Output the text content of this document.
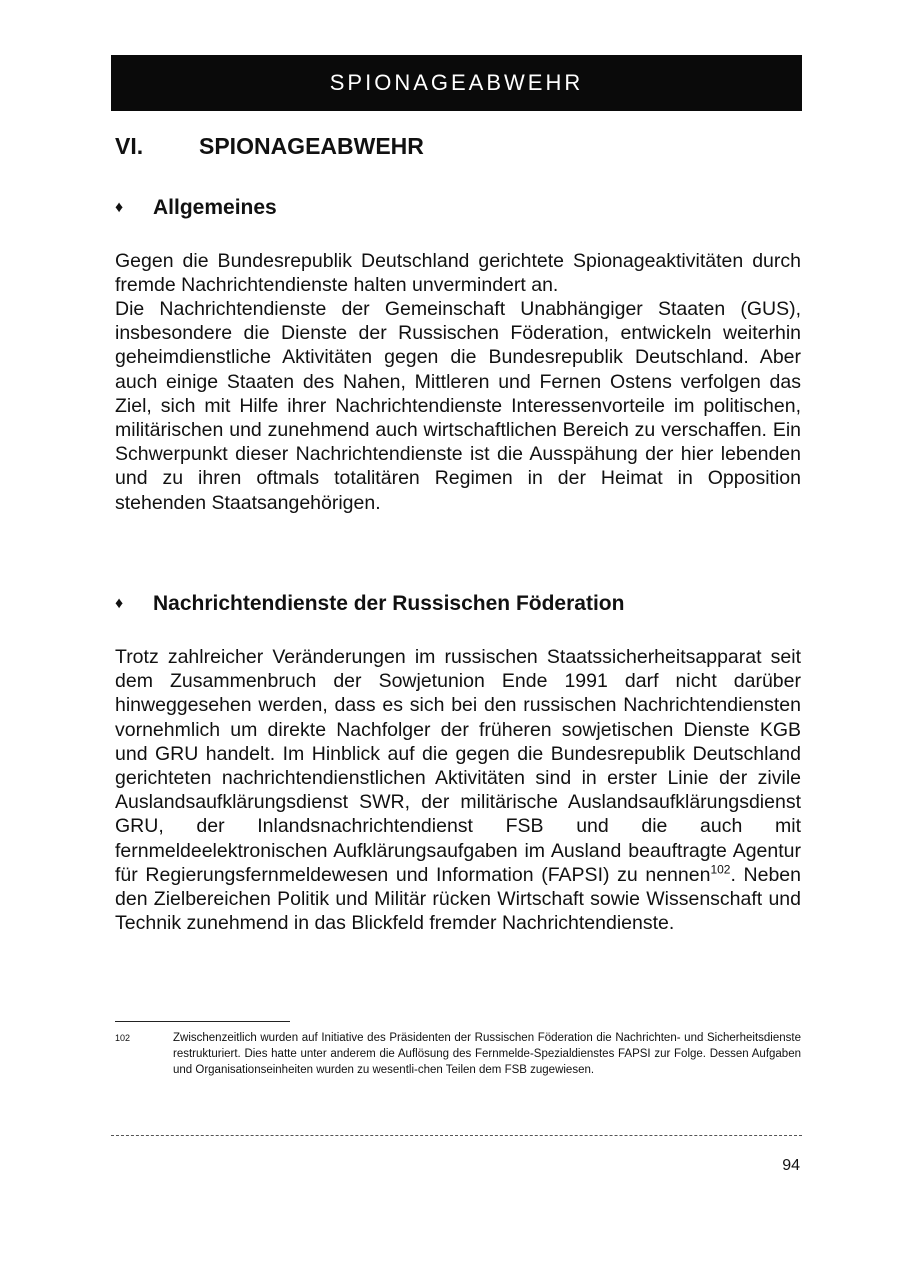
SPIONAGEABWEHR
VI.	SPIONAGEABWEHR
♦	Allgemeines
Gegen die Bundesrepublik Deutschland gerichtete Spionageaktivitäten durch fremde Nachrichtendienste halten unvermindert an.
Die Nachrichtendienste der Gemeinschaft Unabhängiger Staaten (GUS), insbesondere die Dienste der Russischen Föderation, entwickeln weiterhin geheimdienstliche Aktivitäten gegen die Bundesrepublik Deutschland. Aber auch einige Staaten des Nahen, Mittleren und Fernen Ostens verfolgen das Ziel, sich mit Hilfe ihrer Nachrichtendienste Interessenvorteile im politischen, militärischen und zunehmend auch wirtschaftlichen Bereich zu verschaffen. Ein Schwerpunkt dieser Nachrichtendienste ist die Ausspähung der hier lebenden und zu ihren oftmals totalitären Regimen in der Heimat in Opposition stehenden Staatsangehörigen.
♦	Nachrichtendienste der Russischen Föderation
Trotz zahlreicher Veränderungen im russischen Staatssicherheitsapparat seit dem Zusammenbruch der Sowjetunion Ende 1991 darf nicht darüber hinweggesehen werden, dass es sich bei den russischen Nachrichtendiensten vornehmlich um direkte Nachfolger der früheren sowjetischen Dienste KGB und GRU handelt. Im Hinblick auf die gegen die Bundesrepublik Deutschland gerichteten nachrichtendienstlichen Aktivitäten sind in erster Linie der zivile Auslandsaufklärungsdienst SWR, der militärische Auslandsaufklärungsdienst GRU, der Inlandsnachrichtendienst FSB und die auch mit fernmeldeelektronischen Aufklärungsaufgaben im Ausland beauftragte Agentur für Regierungsfernmeldewesen und Information (FAPSI) zu nennen$^{102}$. Neben den Zielbereichen Politik und Militär rücken Wirtschaft sowie Wissenschaft und Technik zunehmend in das Blickfeld fremder Nachrichtendienste.
102	Zwischenzeitlich wurden auf Initiative des Präsidenten der Russischen Föderation die Nachrichten- und Sicherheitsdienste restrukturiert. Dies hatte unter anderem die Auflösung des Fernmelde-Spezialdienstes FAPSI zur Folge. Dessen Aufgaben und Organisationseinheiten wurden zu wesentli-chen Teilen dem FSB zugewiesen.
94
